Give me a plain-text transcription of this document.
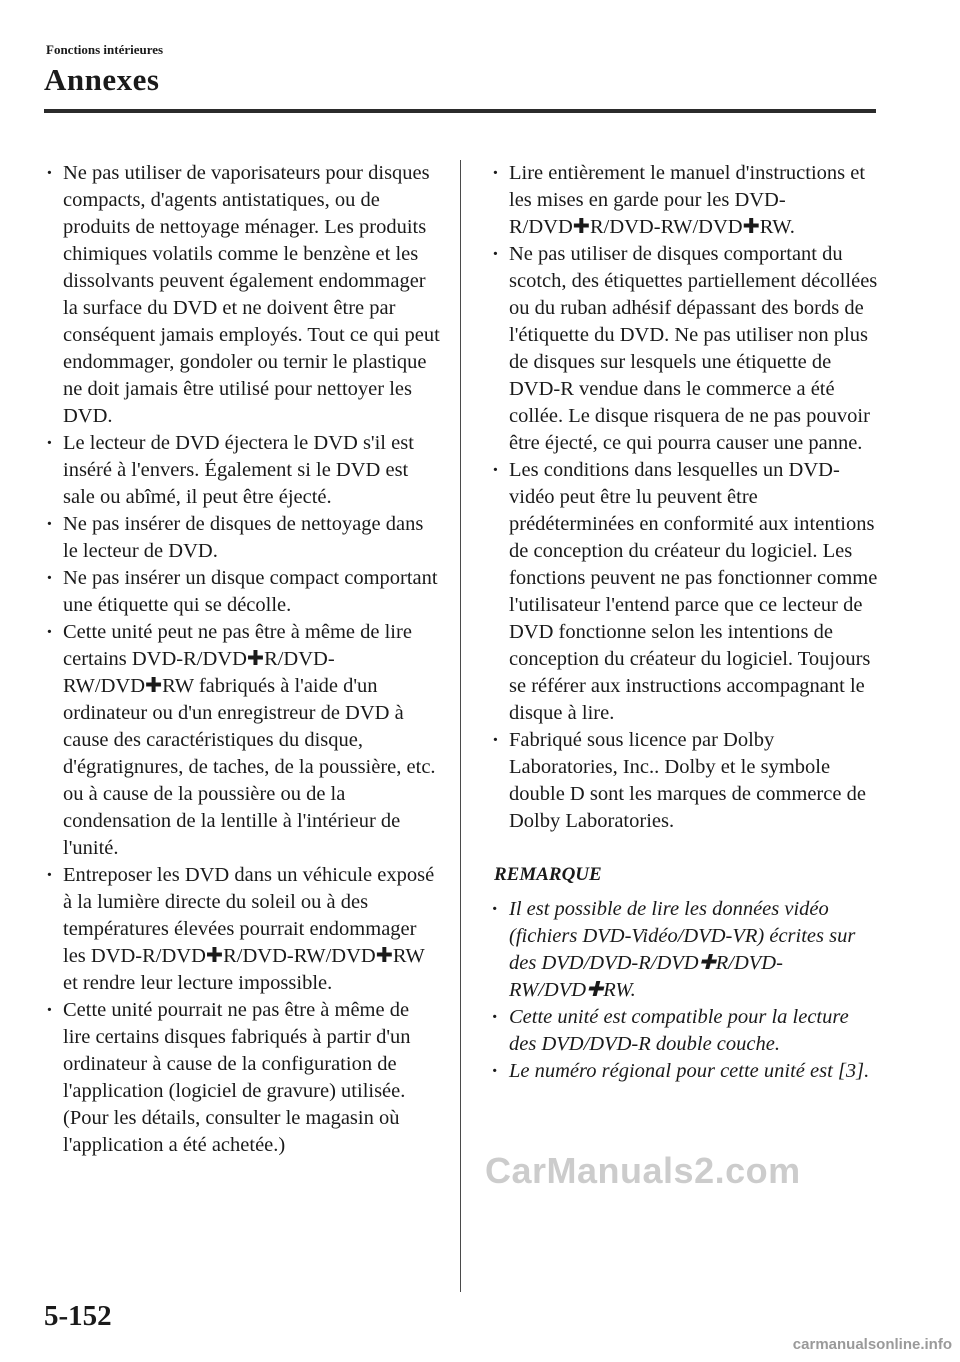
Fonctions intérieures
Annexes
· Ne pas utiliser de vaporisateurs pour disques compacts, d'agents antistatiques, ou de produits de nettoyage ménager. Les produits chimiques volatils comme le benzène et les dissolvants peuvent également endommager la surface du DVD et ne doivent être par conséquent jamais employés. Tout ce qui peut endommager, gondoler ou ternir le plastique ne doit jamais être utilisé pour nettoyer les DVD.
· Le lecteur de DVD éjectera le DVD s'il est inséré à l'envers. Également si le DVD est sale ou abîmé, il peut être éjecté.
· Ne pas insérer de disques de nettoyage dans le lecteur de DVD.
· Ne pas insérer un disque compact comportant une étiquette qui se décolle.
· Cette unité peut ne pas être à même de lire certains DVD-R/DVD✚R/DVD-RW/DVD✚RW fabriqués à l'aide d'un ordinateur ou d'un enregistreur de DVD à cause des caractéristiques du disque, d'égratignures, de taches, de la poussière, etc. ou à cause de la poussière ou de la condensation de la lentille à l'intérieur de l'unité.
· Entreposer les DVD dans un véhicule exposé à la lumière directe du soleil ou à des températures élevées pourrait endommager les DVD-R/DVD✚R/DVD-RW/DVD✚RW et rendre leur lecture impossible.
· Cette unité pourrait ne pas être à même de lire certains disques fabriqués à partir d'un ordinateur à cause de la configuration de l'application (logiciel de gravure) utilisée. (Pour les détails, consulter le magasin où l'application a été achetée.)
· Lire entièrement le manuel d'instructions et les mises en garde pour les DVD-R/DVD✚R/DVD-RW/DVD✚RW.
· Ne pas utiliser de disques comportant du scotch, des étiquettes partiellement décollées ou du ruban adhésif dépassant des bords de l'étiquette du DVD. Ne pas utiliser non plus de disques sur lesquels une étiquette de DVD-R vendue dans le commerce a été collée. Le disque risquera de ne pas pouvoir être éjecté, ce qui pourra causer une panne.
· Les conditions dans lesquelles un DVD-vidéo peut être lu peuvent être prédéterminées en conformité aux intentions de conception du créateur du logiciel. Les fonctions peuvent ne pas fonctionner comme l'utilisateur l'entend parce que ce lecteur de DVD fonctionne selon les intentions de conception du créateur du logiciel. Toujours se référer aux instructions accompagnant le disque à lire.
· Fabriqué sous licence par Dolby Laboratories, Inc.. Dolby et le symbole double D sont les marques de commerce de Dolby Laboratories.
REMARQUE
· Il est possible de lire les données vidéo (fichiers DVD-Vidéo/DVD-VR) écrites sur des DVD/DVD-R/DVD✚R/DVD-RW/DVD✚RW.
· Cette unité est compatible pour la lecture des DVD/DVD-R double couche.
· Le numéro régional pour cette unité est [3].
CarManuals2.com
5-152
carmanualsonline.info
